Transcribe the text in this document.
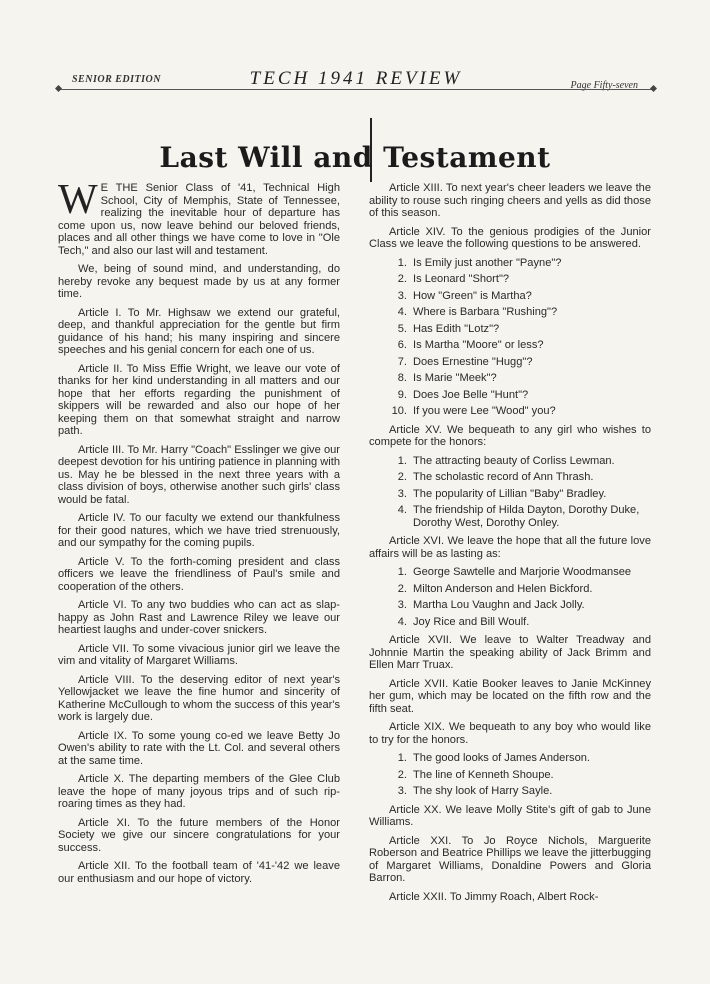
SENIOR EDITION	TECH 1941 REVIEW	Page Fifty-seven
Last Will and Testament

W E THE Senior Class of '41, Technical High School, City of Memphis, State of Tennessee, realizing the inevitable hour of departure has come upon us, now leave behind our beloved friends, places and all other things we have come to love in "Ole Tech," and also our last will and testament.

We, being of sound mind, and understanding, do hereby revoke any bequest made by us at any former time.

Article I. To Mr. Highsaw we extend our grateful, deep, and thankful appreciation for the gentle but firm guidance of his hand; his many inspiring and sincere speeches and his genial concern for each one of us.

Article II. To Miss Effie Wright, we leave our vote of thanks for her kind understanding in all matters and our hope that her efforts regarding the punishment of skippers will be rewarded and also our hope of her keeping them on that somewhat straight and narrow path.

Article III. To Mr. Harry "Coach" Esslinger we give our deepest devotion for his untiring patience in planning with us. May he be blessed in the next three years with a class division of boys, otherwise another such girls' class would be fatal.

Article IV. To our faculty we extend our thankfulness for their good natures, which we have tried strenuously, and our sympathy for the coming pupils.

Article V. To the forth-coming president and class officers we leave the friendliness of Paul's smile and cooperation of the others.

Article VI. To any two buddies who can act as slap-happy as John Rast and Lawrence Riley we leave our heartiest laughs and under-cover snickers.

Article VII. To some vivacious junior girl we leave the vim and vitality of Margaret Williams.

Article VIII. To the deserving editor of next year's Yellowjacket we leave the fine humor and sincerity of Katherine McCullough to whom the success of this year's work is largely due.

Article IX. To some young co-ed we leave Betty Jo Owen's ability to rate with the Lt. Col. and several others at the same time.

Article X. The departing members of the Glee Club leave the hope of many joyous trips and of such rip-roaring times as they had.

Article XI. To the future members of the Honor Society we give our sincere congratulations for your success.

Article XII. To the football team of '41-'42 we leave our enthusiasm and our hope of victory.

Article XIII. To next year's cheer leaders we leave the ability to rouse such ringing cheers and yells as did those of this season.

Article XIV. To the genious prodigies of the Junior Class we leave the following questions to be answered.

1. Is Emily just another "Payne"?
2. Is Leonard "Short"?
3. How "Green" is Martha?
4. Where is Barbara "Rushing"?
5. Has Edith "Lotz"?
6. Is Martha "Moore" or less?
7. Does Ernestine "Hugg"?
8. Is Marie "Meek"?
9. Does Joe Belle "Hunt"?
10. If you were Lee "Wood" you?

Article XV. We bequeath to any girl who wishes to compete for the honors:

1. The attracting beauty of Corliss Lewman.
2. The scholastic record of Ann Thrash.
3. The popularity of Lillian "Baby" Bradley.
4. The friendship of Hilda Dayton, Dorothy Duke, Dorothy West, Dorothy Onley.

Article XVI. We leave the hope that all the future love affairs will be as lasting as:

1. George Sawtelle and Marjorie Woodmansee
2. Milton Anderson and Helen Bickford.
3. Martha Lou Vaughn and Jack Jolly.
4. Joy Rice and Bill Woulf.

Article XVII. We leave to Walter Treadway and Johnnie Martin the speaking ability of Jack Brimm and Ellen Marr Truax.

Article XVII. Katie Booker leaves to Janie McKinney her gum, which may be located on the fifth row and the fifth seat.

Article XIX. We bequeath to any boy who would like to try for the honors.

1. The good looks of James Anderson.
2. The line of Kenneth Shoupe.
3. The shy look of Harry Sayle.

Article XX. We leave Molly Stite's gift of gab to June Williams.

Article XXI. To Jo Royce Nichols, Marguerite Roberson and Beatrice Phillips we leave the jitterbugging of Margaret Williams, Donaldine Powers and Gloria Barron.

Article XXII. To Jimmy Roach, Albert Rock-
